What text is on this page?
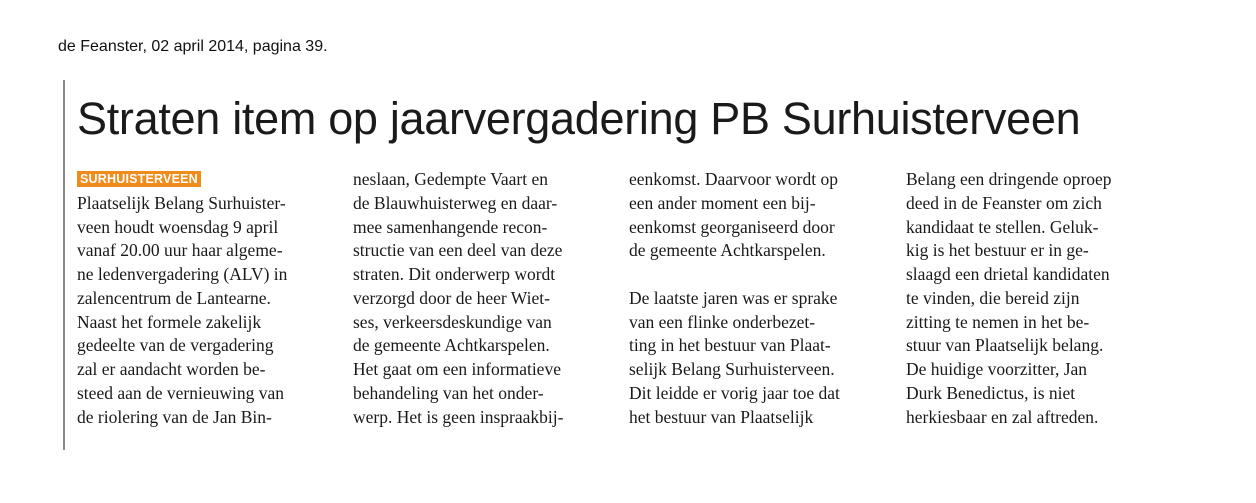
de Feanster, 02 april 2014, pagina 39.
Straten item op jaarvergadering PB Surhuisterveen
SURHUISTERVEEN
Plaatselijk Belang Surhuister-
veen houdt woensdag 9 april
vanaf 20.00 uur haar algeme-
ne ledenvergadering (ALV) in
zalencentrum de Lantearne.
Naast het formele zakelijk
gedeelte van de vergadering
zal er aandacht worden be-
steed aan de vernieuwing van
de riolering van de Jan Bin-
neslaan, Gedempte Vaart en
de Blauwhuisterweg en daar-
mee samenhangende recon-
structie van een deel van deze
straten. Dit onderwerp wordt
verzorgd door de heer Wiet-
ses, verkeersdeskundige van
de gemeente Achtkarspelen.
Het gaat om een informatieve
behandeling van het onder-
werp. Het is geen inspraakbij-
eenkomst. Daarvoor wordt op
een ander moment een bij-
eenkomst georganiseerd door
de gemeente Achtkarspelen.
De laatste jaren was er sprake
van een flinke onderbezet-
ting in het bestuur van Plaat-
selijk Belang Surhuisterveen.
Dit leidde er vorig jaar toe dat
het bestuur van Plaatselijk
Belang een dringende oproep
deed in de Feanster om zich
kandidaat te stellen. Geluk-
kig is het bestuur er in ge-
slaagd een drietal kandidaten
te vinden, die bereid zijn
zitting te nemen in het be-
stuur van Plaatselijk belang.
De huidige voorzitter, Jan
Durk Benedictus, is niet
herkiesbaar en zal aftreden.
